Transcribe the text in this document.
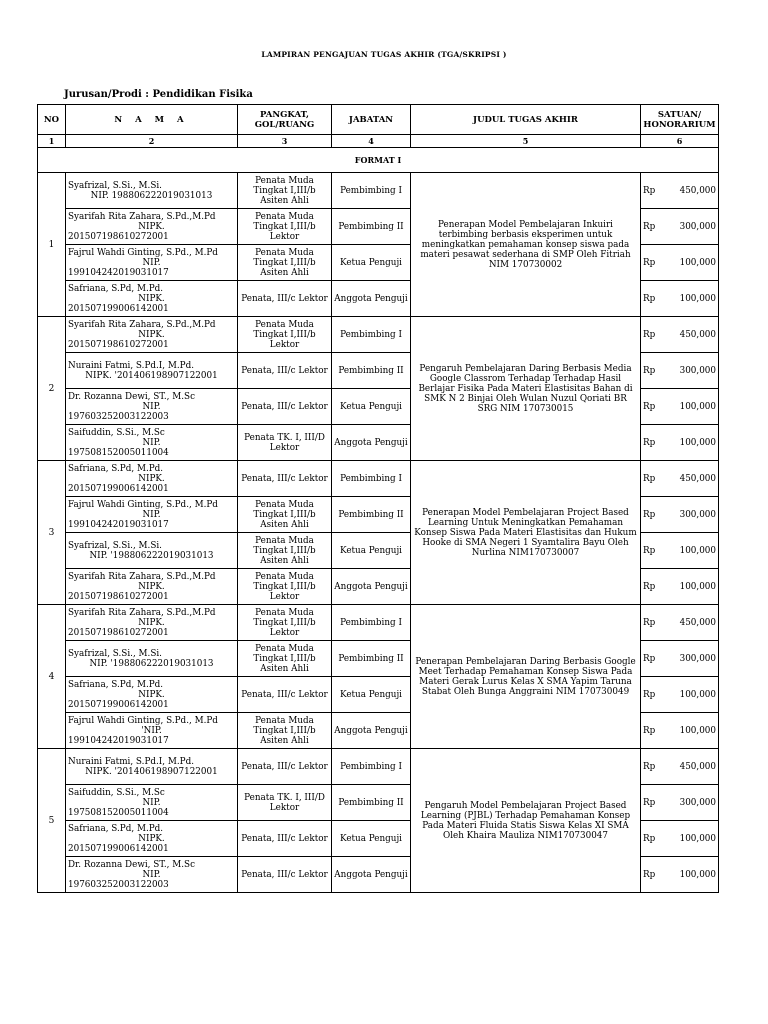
LAMPIRAN PENGAJUAN TUGAS AKHIR (TGA/SKRIPSI )
Jurusan/Prodi : Pendidikan Fisika
NO	N A M A	PANGKAT, GOL/RUANG	JABATAN	JUDUL TUGAS AKHIR	SATUAN/ HONORARIUM
1	2	3	4	5	6
FORMAT I					
1	Syafrizal, S.Si., M.Si.
NIP. 198806222019031013	Penata Muda Tingkat I,III/b Asiten Ahli	Pembimbing I	Penerapan Model Pembelajaran Inkuiri terbimbing berbasis eksperimen untuk meningkatkan pemahaman konsep siswa pada materi pesawat sederhana di SMP Oleh Fitriah NIM 170730002	Rp 450,000

	Syarifah Rita Zahara, S.Pd.,M.Pd
NIPK.
201507198610272001	Penata Muda Tingkat I,III/b Lektor	Pembimbing II		Rp 300,000

	Fajrul Wahdi Ginting, S.Pd., M.Pd
NIP.
199104242019031017	Penata Muda Tingkat I,III/b Asiten Ahli	Ketua Penguji		Rp 100,000

	Safriana, S.Pd, M.Pd.
NIPK.
201507199006142001	Penata, III/c Lektor	Anggota Penguji		Rp 100,000

2	Syarifah Rita Zahara, S.Pd.,M.Pd
NIPK.
201507198610272001	Penata Muda Tingkat I,III/b Lektor	Pembimbing I	Pengaruh Pembelajaran Daring Berbasis Media Google Classrom Terhadap Terhadap Hasil Berlajar Fisika Pada Materi Elastisitas Bahan di SMK N 2 Binjai Oleh Wulan Nuzul Qoriati BR SRG NIM 170730015	Rp 450,000

	Nuraini Fatmi, S.Pd.I, M.Pd.
NIPK. '201406198907122001	Penata, III/c Lektor	Pembimbing II		Rp 300,000

	Dr. Rozanna Dewi, ST., M.Sc
NIP.
197603252003122003	Penata, III/c Lektor	Ketua Penguji		Rp 100,000

	Saifuddin, S.Si., M.Sc
NIP.
197508152005011004	Penata TK. I, III/D Lektor	Anggota Penguji		Rp 100,000

3	Safriana, S.Pd, M.Pd.
NIPK.
201507199006142001	Penata, III/c Lektor	Pembimbing I	Penerapan Model Pembelajaran Project Based Learning Untuk Meningkatkan Pemahaman Konsep Siswa Pada Materi Elastisitas dan Hukum Hooke di SMA Negeri 1 Syamtalira Bayu Oleh Nurlina NIM170730007	Rp 450,000

	Fajrul Wahdi Ginting, S.Pd., M.Pd
NIP.
199104242019031017	Penata Muda Tingkat I,III/b Asiten Ahli	Pembimbing II		Rp 300,000

	Syafrizal, S.Si., M.Si.
NIP. '198806222019031013	Penata Muda Tingkat I,III/b Asiten Ahli	Ketua Penguji		Rp 100,000

	Syarifah Rita Zahara, S.Pd.,M.Pd
NIPK.
201507198610272001	Penata Muda Tingkat I,III/b Lektor	Anggota Penguji		Rp 100,000

4	Syarifah Rita Zahara, S.Pd.,M.Pd
NIPK.
201507198610272001	Penata Muda Tingkat I,III/b Lektor	Pembimbing I	Penerapan Pembelajaran Daring Berbasis Google Meet Terhadap Pemahaman Konsep Siswa Pada Materi Gerak Lurus Kelas X SMA Yapim Taruna Stabat Oleh Bunga Anggraini NIM 170730049	Rp 450,000

	Syafrizal, S.Si., M.Si.
NIP. '198806222019031013	Penata Muda Tingkat I,III/b Asiten Ahli	Pembimbing II		Rp 300,000

	Safriana, S.Pd, M.Pd.
NIPK.
201507199006142001	Penata, III/c Lektor	Ketua Penguji		Rp 100,000

	Fajrul Wahdi Ginting, S.Pd., M.Pd
'NIP.
199104242019031017	Penata Muda Tingkat I,III/b Asiten Ahli	Anggota Penguji		Rp 100,000

5	Nuraini Fatmi, S.Pd.I, M.Pd.
NIPK. '201406198907122001	Penata, III/c Lektor	Pembimbing I	Pengaruh Model Pembelajaran Project Based Learning (PJBL) Terhadap Pemahaman Konsep Pada Materi Fluida Statis Siswa Kelas XI SMA Oleh Khaira Mauliza NIM170730047	Rp 450,000

	Saifuddin, S.Si., M.Sc
NIP.
197508152005011004	Penata TK. I, III/D Lektor	Pembimbing II		Rp 300,000

	Safriana, S.Pd, M.Pd.
NIPK.
201507199006142001	Penata, III/c Lektor	Ketua Penguji		Rp 100,000

	Dr. Rozanna Dewi, ST., M.Sc
NIP.
197603252003122003	Penata, III/c Lektor	Anggota Penguji		Rp 100,000
